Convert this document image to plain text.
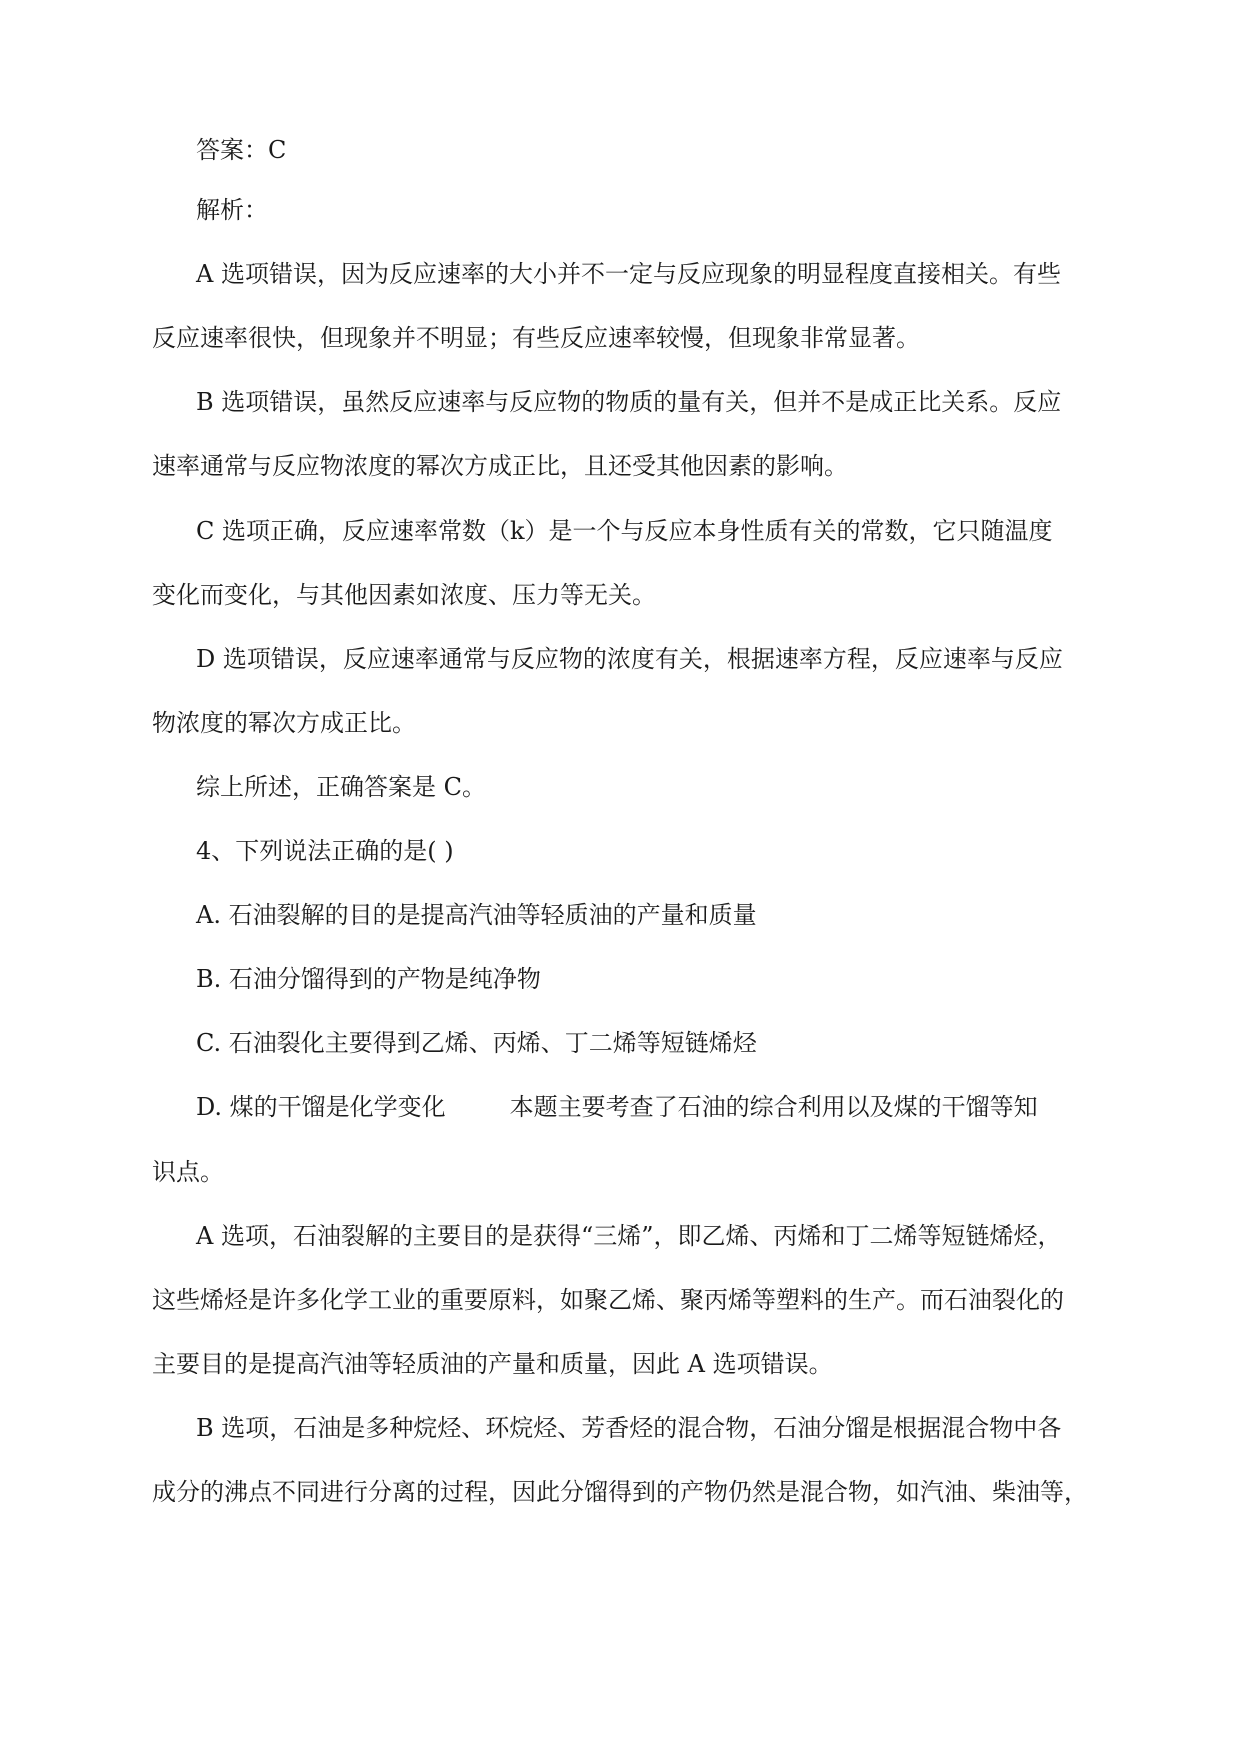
答案：C

解析：

A 选项错误，因为反应速率的大小并不一定与反应现象的明显程度直接相关。有些

反应速率很快，但现象并不明显；有些反应速率较慢，但现象非常显著。

B 选项错误，虽然反应速率与反应物的物质的量有关，但并不是成正比关系。反应

速率通常与反应物浓度的幂次方成正比，且还受其他因素的影响。

C 选项正确，反应速率常数（k）是一个与反应本身性质有关的常数，它只随温度

变化而变化，与其他因素如浓度、压力等无关。

D 选项错误，反应速率通常与反应物的浓度有关，根据速率方程，反应速率与反应

物浓度的幂次方成正比。

综上所述，正确答案是 C。

4、下列说法正确的是( )

A. 石油裂解的目的是提高汽油等轻质油的产量和质量

B. 石油分馏得到的产物是纯净物

C. 石油裂化主要得到乙烯、丙烯、丁二烯等短链烯烃

D. 煤的干馏是化学变化	本题主要考查了石油的综合利用以及煤的干馏等知

识点。

A 选项，石油裂解的主要目的是获得“三烯”，即乙烯、丙烯和丁二烯等短链烯烃，

这些烯烃是许多化学工业的重要原料，如聚乙烯、聚丙烯等塑料的生产。而石油裂化的

主要目的是提高汽油等轻质油的产量和质量，因此 A 选项错误。

B 选项，石油是多种烷烃、环烷烃、芳香烃的混合物，石油分馏是根据混合物中各

成分的沸点不同进行分离的过程，因此分馏得到的产物仍然是混合物，如汽油、柴油等，
